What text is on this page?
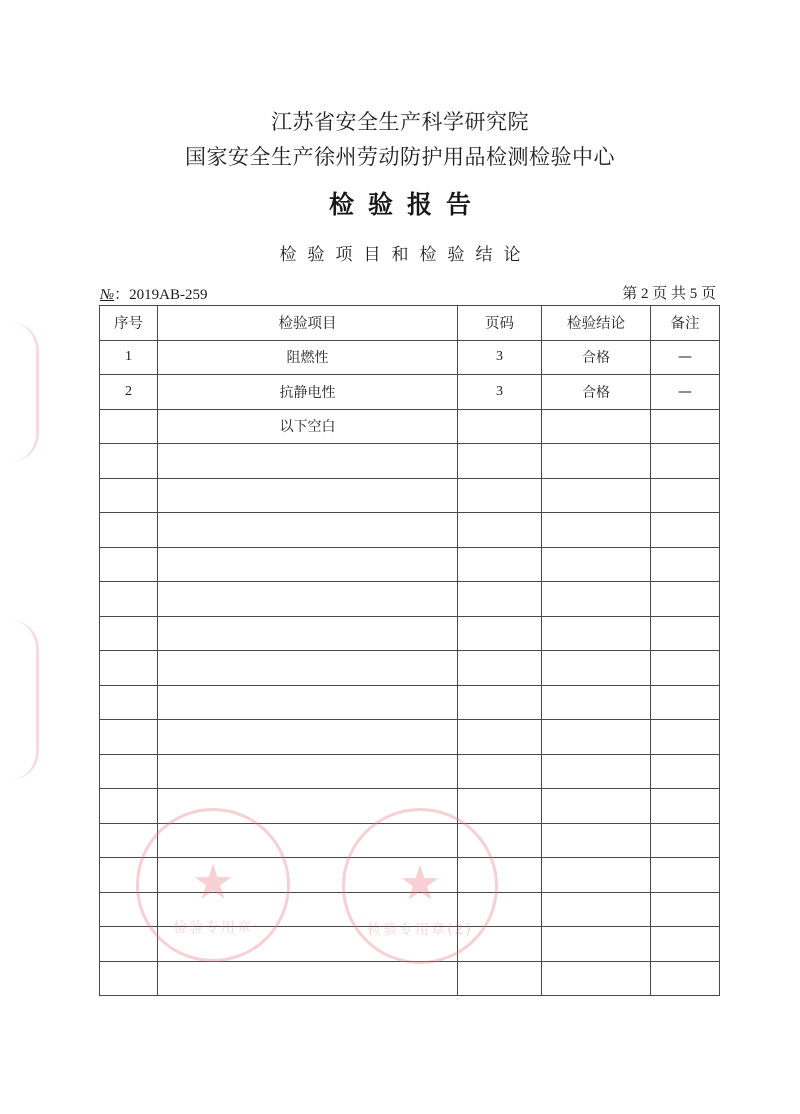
江苏省安全生产科学研究院
国家安全生产徐州劳动防护用品检测检验中心
检验报告
检验项目和检验结论
№：2019AB-259	第 2 页 共 5 页
序号	检验项目	页码	检验结论	备注
1	阻燃性	3	合格	—
2	抗静电性	3	合格	—
	以下空白			

★
检验专用章
★
检验专用章(2)
